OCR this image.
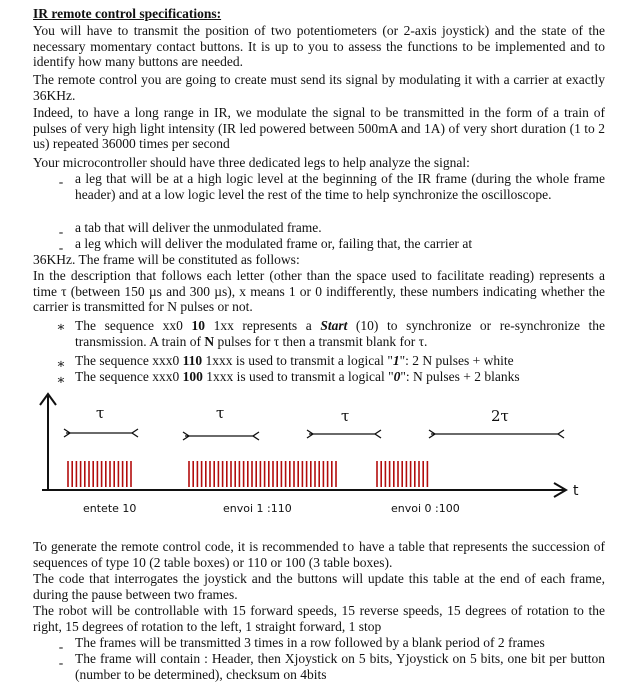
IR remote control specifications:
You will have to transmit the position of two potentiometers (or 2-axis joystick) and the state of the necessary momentary contact buttons. It is up to you to assess the functions to be implemented and to identify how many buttons are needed.
The remote control you are going to create must send its signal by modulating it with a carrier at exactly 36KHz.
Indeed, to have a long range in IR, we modulate the signal to be transmitted in the form of a train of pulses of very high light intensity (IR led powered between 500mA and 1A) of very short duration (1 to 2 us) repeated 36000 times per second
Your microcontroller should have three dedicated legs to help analyze the signal:
- a leg that will be at a high logic level at the beginning of the IR frame (during the whole frame header) and at a low logic level the rest of the time to help synchronize the oscilloscope.
- a tab that will deliver the unmodulated frame.
- a leg which will deliver the modulated frame or, failing that, the carrier at
36KHz. The frame will be constituted as follows:
In the description that follows each letter (other than the space used to facilitate reading) represents a time τ (between 150 µs and 300 µs), x means 1 or 0 indifferently, these numbers indicating whether the carrier is transmitted for N pulses or not.
∗ The sequence xx0 10 1xx represents a Start (10) to synchronize or re-synchronize the transmission. A train of N pulses for τ then a transmit blank for τ.
∗ The sequence xxx0 110 1xxx is used to transmit a logical "1": 2 N pulses + white
∗ The sequence xxx0 100 1xxx is used to transmit a logical "0": N pulses + 2 blanks
t
τ	τ	τ	2τ
entete 10	envoi 1 :110	envoi 0 :100
To generate the remote control code, it is recommended to have a table that represents the succession of sequences of type 10 (2 table boxes) or 110 or 100 (3 table boxes).
The code that interrogates the joystick and the buttons will update this table at the end of each frame, during the pause between two frames.
The robot will be controllable with 15 forward speeds, 15 reverse speeds, 15 degrees of rotation to the right, 15 degrees of rotation to the left, 1 straight forward, 1 stop
- The frames will be transmitted 3 times in a row followed by a blank period of 2 frames
- The frame will contain : Header, then Xjoystick on 5 bits, Yjoystick on 5 bits, one bit per button (number to be determined), checksum on 4bits
